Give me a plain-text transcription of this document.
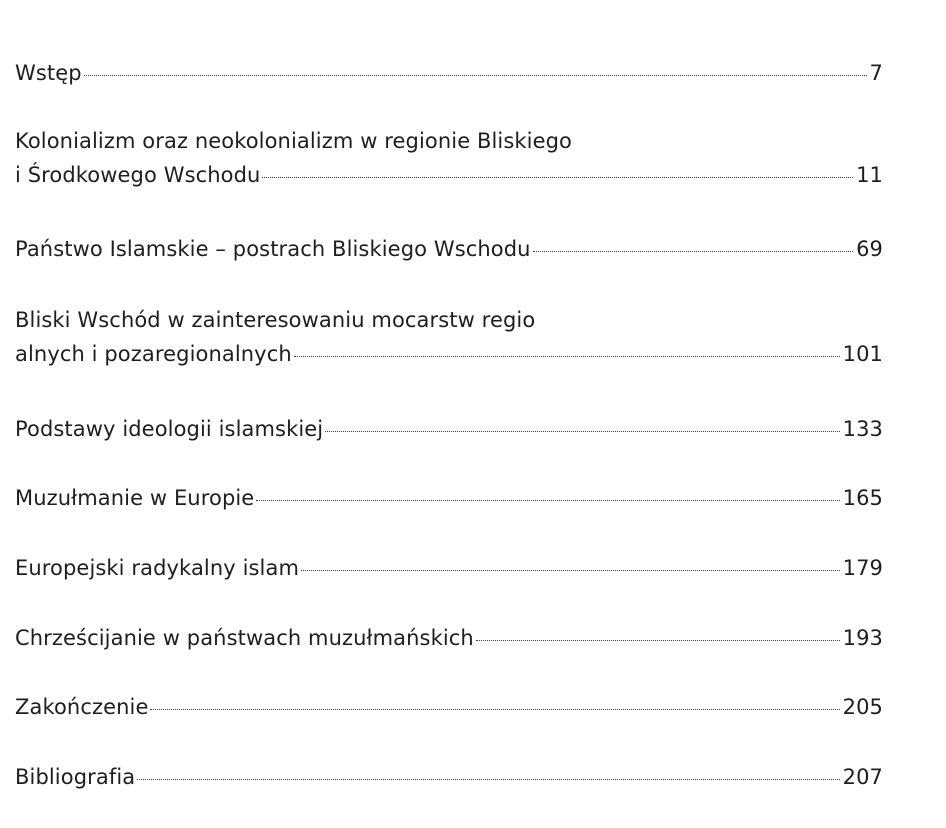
Wstęp	7
Kolonializm oraz neokolonializm w regionie Bliskiego
i Środkowego Wschodu	11
Państwo Islamskie – postrach Bliskiego Wschodu	69
Bliski Wschód w zainteresowaniu mocarstw regio
alnych i pozaregionalnych	101
Podstawy ideologii islamskiej	133
Muzułmanie w Europie	165
Europejski radykalny islam	179
Chrześcijanie w państwach muzułmańskich	193
Zakończenie	205
Bibliografia	207
